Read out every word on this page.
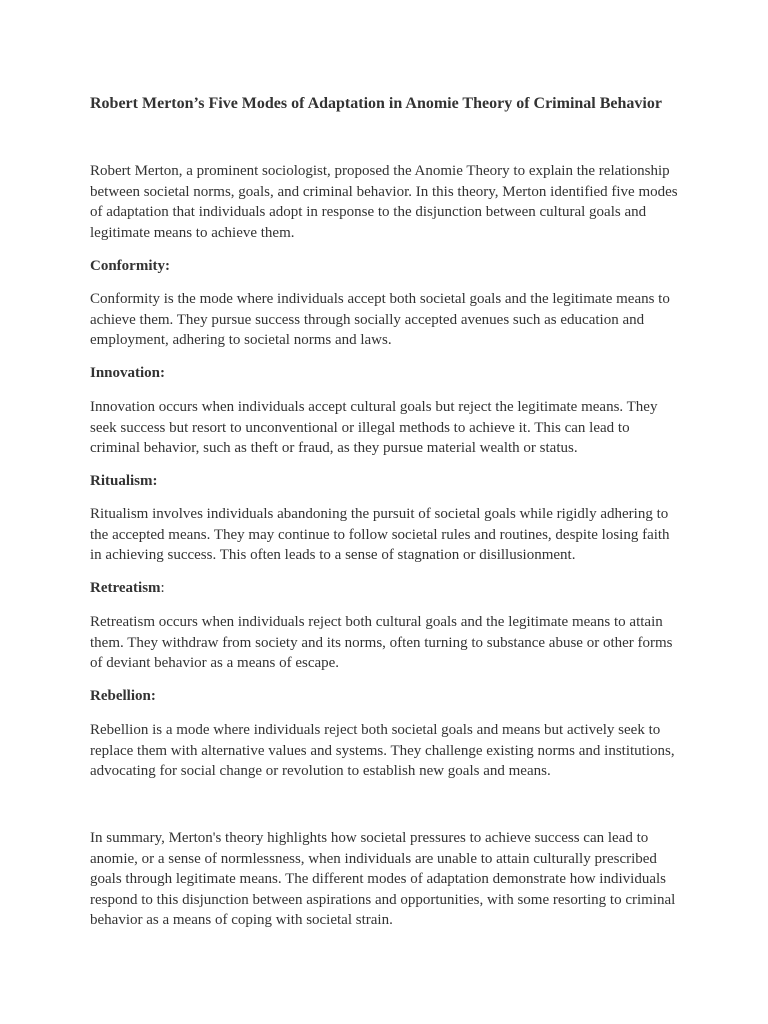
Robert Merton’s Five Modes of Adaptation in Anomie Theory of Criminal Behavior

Robert Merton, a prominent sociologist, proposed the Anomie Theory to explain the relationship between societal norms, goals, and criminal behavior. In this theory, Merton identified five modes of adaptation that individuals adopt in response to the disjunction between cultural goals and legitimate means to achieve them.

Conformity:

Conformity is the mode where individuals accept both societal goals and the legitimate means to achieve them. They pursue success through socially accepted avenues such as education and employment, adhering to societal norms and laws.

Innovation:

Innovation occurs when individuals accept cultural goals but reject the legitimate means. They seek success but resort to unconventional or illegal methods to achieve it. This can lead to criminal behavior, such as theft or fraud, as they pursue material wealth or status.

Ritualism:

Ritualism involves individuals abandoning the pursuit of societal goals while rigidly adhering to the accepted means. They may continue to follow societal rules and routines, despite losing faith in achieving success. This often leads to a sense of stagnation or disillusionment.

Retreatism:

Retreatism occurs when individuals reject both cultural goals and the legitimate means to attain them. They withdraw from society and its norms, often turning to substance abuse or other forms of deviant behavior as a means of escape.

Rebellion:

Rebellion is a mode where individuals reject both societal goals and means but actively seek to replace them with alternative values and systems. They challenge existing norms and institutions, advocating for social change or revolution to establish new goals and means.

In summary, Merton's theory highlights how societal pressures to achieve success can lead to anomie, or a sense of normlessness, when individuals are unable to attain culturally prescribed goals through legitimate means. The different modes of adaptation demonstrate how individuals respond to this disjunction between aspirations and opportunities, with some resorting to criminal behavior as a means of coping with societal strain.
